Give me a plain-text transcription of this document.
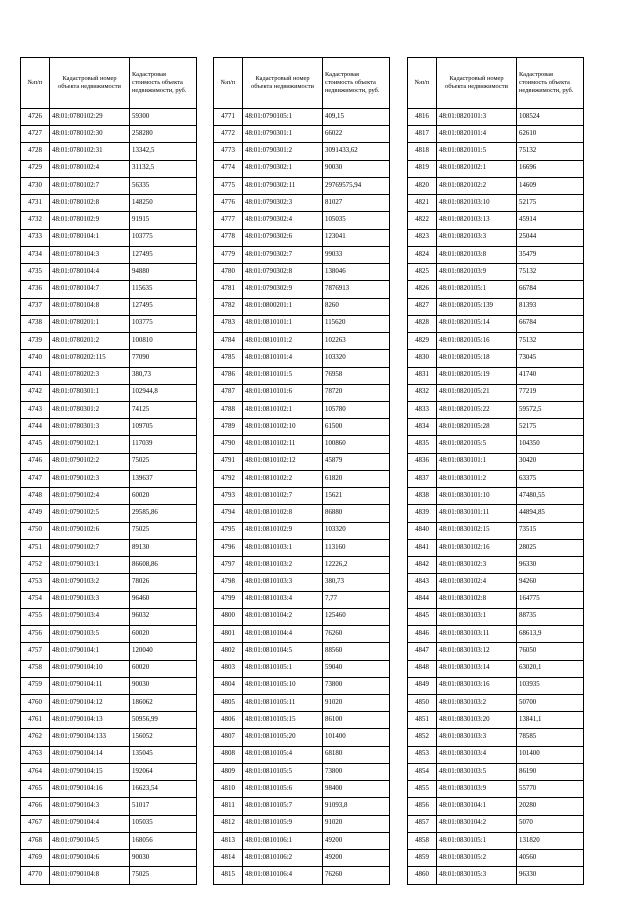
№п/п	Кадастровый номер объекта недвижимости	Кадастровая стоимость объекта недвижимости, руб.
4726	48:01:0780102:29	59300
4727	48:01:0780102:30	258280
4728	48:01:0780102:31	13342,5
4729	48:01:0780102:4	31132,5
4730	48:01:0780102:7	56335
4731	48:01:0780102:8	148250
4732	48:01:0780102:9	91915
4733	48:01:0780104:1	103775
4734	48:01:0780104:3	127495
4735	48:01:0780104:4	94880
4736	48:01:0780104:7	115635
4737	48:01:0780104:8	127495
4738	48:01:0780201:1	103775
4739	48:01:0780201:2	100810
4740	48:01:0780202:115	77090
4741	48:01:0780202:3	380,73
4742	48:01:0780301:1	102944,8
4743	48:01:0780301:2	74125
4744	48:01:0780301:3	109705
4745	48:01:0790102:1	117039
4746	48:01:0790102:2	75025
4747	48:01:0790102:3	139637
4748	48:01:0790102:4	60020
4749	48:01:0790102:5	29585,86
4750	48:01:0790102:6	75025
4751	48:01:0790102:7	89130
4752	48:01:0790103:1	86608,86
4753	48:01:0790103:2	78026
4754	48:01:0790103:3	96460
4755	48:01:0790103:4	96032
4756	48:01:0790103:5	60020
4757	48:01:0790104:1	120040
4758	48:01:0790104:10	60020
4759	48:01:0790104:11	90030
4760	48:01:0790104:12	186062
4761	48:01:0790104:13	50956,99
4762	48:01:0790104:133	156052
4763	48:01:0790104:14	135045
4764	48:01:0790104:15	192064
4765	48:01:0790104:16	16623,54
4766	48:01:0790104:3	51017
4767	48:01:0790104:4	105035
4768	48:01:0790104:5	168056
4769	48:01:0790104:6	90030
4770	48:01:0790104:8	75025
№п/п	Кадастровый номер объекта недвижимости	Кадастровая стоимость объекта недвижимости, руб.
4771	48:01:0790105:1	409,15
4772	48:01:0790301:1	66022
4773	48:01:0790301:2	3091433,62
4774	48:01:0790302:1	90030
4775	48:01:0790302:11	29769575,94
4776	48:01:0790302:3	81027
4777	48:01:0790302:4	105035
4778	48:01:0790302:6	123041
4779	48:01:0790302:7	99033
4780	48:01:0790302:8	138046
4781	48:01:0790302:9	7876913
4782	48:01:0800201:1	8260
4783	48:01:0810101:1	115620
4784	48:01:0810101:2	102263
4785	48:01:0810101:4	103320
4786	48:01:0810101:5	76958
4787	48:01:0810101:6	78720
4788	48:01:0810102:1	105780
4789	48:01:0810102:10	61500
4790	48:01:0810102:11	100860
4791	48:01:0810102:12	45879
4792	48:01:0810102:2	61820
4793	48:01:0810102:7	15621
4794	48:01:0810102:8	86880
4795	48:01:0810102:9	103320
4796	48:01:0810103:1	113160
4797	48:01:0810103:2	12226,2
4798	48:01:0810103:3	380,73
4799	48:01:0810103:4	7,77
4800	48:01:0810104:2	125460
4801	48:01:0810104:4	76260
4802	48:01:0810104:5	88560
4803	48:01:0810105:1	59040
4804	48:01:0810105:10	73800
4805	48:01:0810105:11	91020
4806	48:01:0810105:15	86100
4807	48:01:0810105:20	101400
4808	48:01:0810105:4	68180
4809	48:01:0810105:5	73800
4810	48:01:0810105:6	98400
4811	48:01:0810105:7	91093,8
4812	48:01:0810105:9	91020
4813	48:01:0810106:1	49200
4814	48:01:0810106:2	49200
4815	48:01:0810106:4	76260
№п/п	Кадастровый номер объекта недвижимости	Кадастровая стоимость объекта недвижимости, руб.
4816	48:01:0820101:3	108524
4817	48:01:0820101:4	62610
4818	48:01:0820101:5	75132
4819	48:01:0820102:1	16696
4820	48:01:0820102:2	14609
4821	48:01:0820103:10	52175
4822	48:01:0820103:13	45914
4823	48:01:0820103:3	25044
4824	48:01:0820103:8	35479
4825	48:01:0820103:9	75132
4826	48:01:0820105:1	66784
4827	48:01:0820105:139	81393
4828	48:01:0820105:14	66784
4829	48:01:0820105:16	75132
4830	48:01:0820105:18	73045
4831	48:01:0820105:19	41740
4832	48:01:0820105:21	77219
4833	48:01:0820105:22	59572,5
4834	48:01:0820105:28	52175
4835	48:01:0820105:5	104350
4836	48:01:0830101:1	30420
4837	48:01:0830101:2	63375
4838	48:01:0830101:10	47480,55
4839	48:01:0830101:11	44894,85
4840	48:01:0830102:15	73515
4841	48:01:0830102:16	28025
4842	48:01:0830102:3	96330
4843	48:01:0830102:4	94260
4844	48:01:0830102:8	164775
4845	48:01:0830103:1	88735
4846	48:01:0830103:11	68613,9
4847	48:01:0830103:12	76050
4848	48:01:0830103:14	63020,1
4849	48:01:0830103:16	103935
4850	48:01:0830103:2	50700
4851	48:01:0830103:20	13841,1
4852	48:01:0830103:3	78585
4853	48:01:0830103:4	101400
4854	48:01:0830103:5	86190
4855	48:01:0830103:9	55770
4856	48:01:0830104:1	20280
4857	48:01:0830104:2	5070
4858	48:01:0830105:1	131820
4859	48:01:0830105:2	40560
4860	48:01:0830105:3	96330
